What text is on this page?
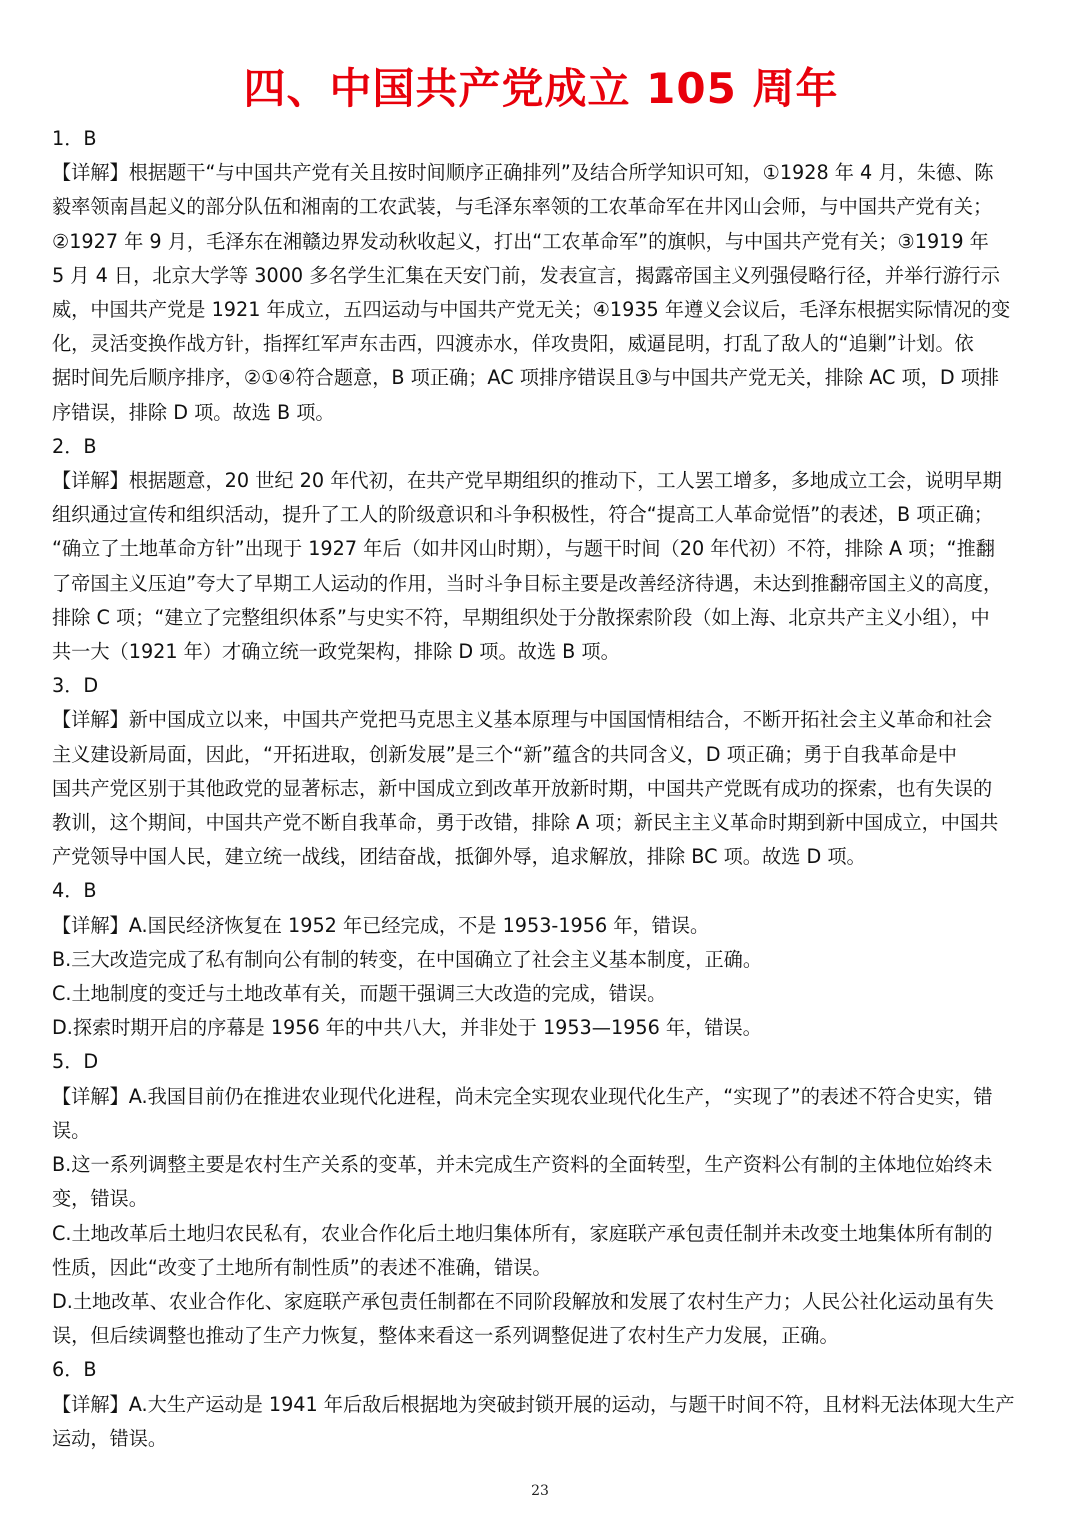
四、中国共产党成立 105 周年
1．B
【详解】根据题干“与中国共产党有关且按时间顺序正确排列”及结合所学知识可知，①1928 年 4 月，朱德、陈
毅率领南昌起义的部分队伍和湘南的工农武装，与毛泽东率领的工农革命军在井冈山会师，与中国共产党有关；
②1927 年 9 月，毛泽东在湘赣边界发动秋收起义，打出“工农革命军”的旗帜，与中国共产党有关；③1919 年
5 月 4 日，北京大学等 3000 多名学生汇集在天安门前，发表宣言，揭露帝国主义列强侵略行径，并举行游行示
威，中国共产党是 1921 年成立，五四运动与中国共产党无关；④1935 年遵义会议后，毛泽东根据实际情况的变
化，灵活变换作战方针，指挥红军声东击西，四渡赤水，佯攻贵阳，威逼昆明，打乱了敌人的“追剿”计划。依
据时间先后顺序排序，②①④符合题意，B 项正确；AC 项排序错误且③与中国共产党无关，排除 AC 项，D 项排
序错误，排除 D 项。故选 B 项。
2．B
【详解】根据题意，20 世纪 20 年代初，在共产党早期组织的推动下，工人罢工增多，多地成立工会，说明早期
组织通过宣传和组织活动，提升了工人的阶级意识和斗争积极性，符合“提高工人革命觉悟”的表述，B 项正确；
“确立了土地革命方针”出现于 1927 年后（如井冈山时期），与题干时间（20 年代初）不符，排除 A 项；“推翻
了帝国主义压迫”夸大了早期工人运动的作用，当时斗争目标主要是改善经济待遇，未达到推翻帝国主义的高度，
排除 C 项；“建立了完整组织体系”与史实不符，早期组织处于分散探索阶段（如上海、北京共产主义小组），中
共一大（1921 年）才确立统一政党架构，排除 D 项。故选 B 项。
3．D
【详解】新中国成立以来，中国共产党把马克思主义基本原理与中国国情相结合，不断开拓社会主义革命和社会
主义建设新局面，因此，“开拓进取，创新发展”是三个“新”蕴含的共同含义，D 项正确；勇于自我革命是中
国共产党区别于其他政党的显著标志，新中国成立到改革开放新时期，中国共产党既有成功的探索，也有失误的
教训，这个期间，中国共产党不断自我革命，勇于改错，排除 A 项；新民主主义革命时期到新中国成立，中国共
产党领导中国人民，建立统一战线，团结奋战，抵御外辱，追求解放，排除 BC 项。故选 D 项。
4．B
【详解】A.国民经济恢复在 1952 年已经完成，不是 1953-1956 年，错误。
B.三大改造完成了私有制向公有制的转变，在中国确立了社会主义基本制度，正确。
C.土地制度的变迁与土地改革有关，而题干强调三大改造的完成，错误。
D.探索时期开启的序幕是 1956 年的中共八大，并非处于 1953—1956 年，错误。
5．D
【详解】A.我国目前仍在推进农业现代化进程，尚未完全实现农业现代化生产，“实现了”的表述不符合史实，错
误。
B.这一系列调整主要是农村生产关系的变革，并未完成生产资料的全面转型，生产资料公有制的主体地位始终未
变，错误。
C.土地改革后土地归农民私有，农业合作化后土地归集体所有，家庭联产承包责任制并未改变土地集体所有制的
性质，因此“改变了土地所有制性质”的表述不准确，错误。
D.土地改革、农业合作化、家庭联产承包责任制都在不同阶段解放和发展了农村生产力；人民公社化运动虽有失
误，但后续调整也推动了生产力恢复，整体来看这一系列调整促进了农村生产力发展，正确。
6．B
【详解】A.大生产运动是 1941 年后敌后根据地为突破封锁开展的运动，与题干时间不符，且材料无法体现大生产
运动，错误。
23
